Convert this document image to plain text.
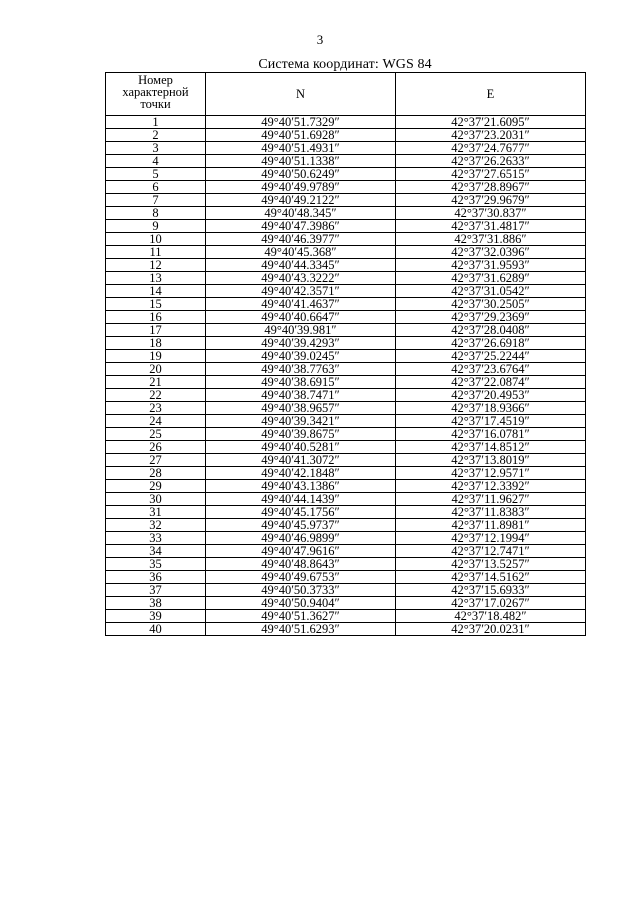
3
Система координат: WGS 84
Номер характерной точки	N	E
1	49°40′51.7329″	42°37′21.6095″
2	49°40′51.6928″	42°37′23.2031″
3	49°40′51.4931″	42°37′24.7677″
4	49°40′51.1338″	42°37′26.2633″
5	49°40′50.6249″	42°37′27.6515″
6	49°40′49.9789″	42°37′28.8967″
7	49°40′49.2122″	42°37′29.9679″
8	49°40′48.345″	42°37′30.837″
9	49°40′47.3986″	42°37′31.4817″
10	49°40′46.3977″	42°37′31.886″
11	49°40′45.368″	42°37′32.0396″
12	49°40′44.3345″	42°37′31.9593″
13	49°40′43.3222″	42°37′31.6289″
14	49°40′42.3571″	42°37′31.0542″
15	49°40′41.4637″	42°37′30.2505″
16	49°40′40.6647″	42°37′29.2369″
17	49°40′39.981″	42°37′28.0408″
18	49°40′39.4293″	42°37′26.6918″
19	49°40′39.0245″	42°37′25.2244″
20	49°40′38.7763″	42°37′23.6764″
21	49°40′38.6915″	42°37′22.0874″
22	49°40′38.7471″	42°37′20.4953″
23	49°40′38.9657″	42°37′18.9366″
24	49°40′39.3421″	42°37′17.4519″
25	49°40′39.8675″	42°37′16.0781″
26	49°40′40.5281″	42°37′14.8512″
27	49°40′41.3072″	42°37′13.8019″
28	49°40′42.1848″	42°37′12.9571″
29	49°40′43.1386″	42°37′12.3392″
30	49°40′44.1439″	42°37′11.9627″
31	49°40′45.1756″	42°37′11.8383″
32	49°40′45.9737″	42°37′11.8981″
33	49°40′46.9899″	42°37′12.1994″
34	49°40′47.9616″	42°37′12.7471″
35	49°40′48.8643″	42°37′13.5257″
36	49°40′49.6753″	42°37′14.5162″
37	49°40′50.3733″	42°37′15.6933″
38	49°40′50.9404″	42°37′17.0267″
39	49°40′51.3627″	42°37′18.482″
40	49°40′51.6293″	42°37′20.0231″
